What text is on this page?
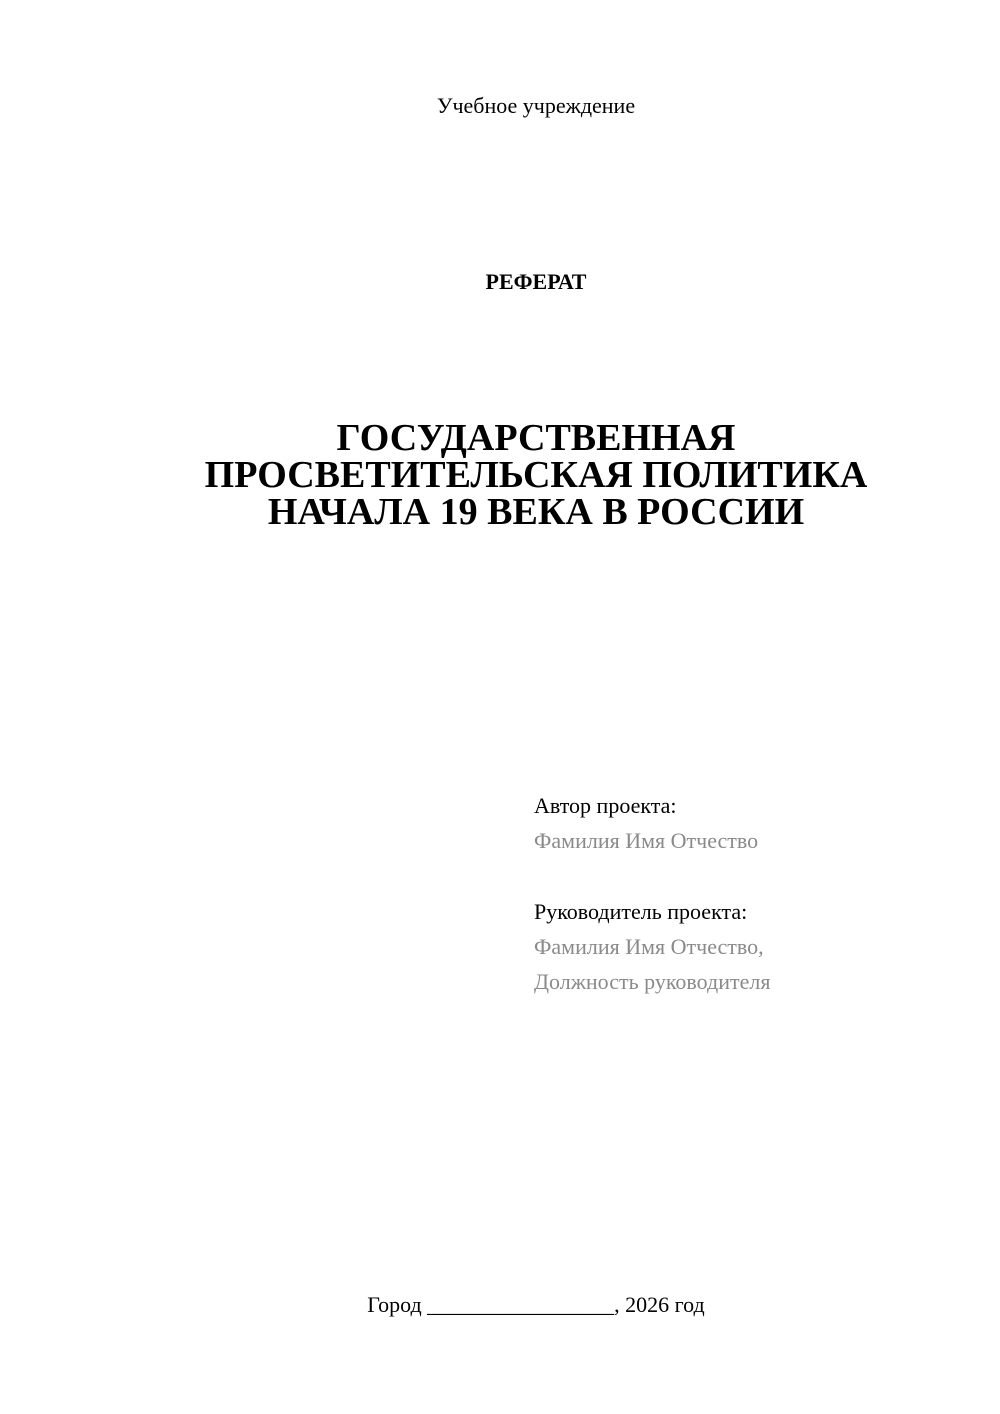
Учебное учреждение
РЕФЕРАТ
ГОСУДАРСТВЕННАЯ
ПРОСВЕТИТЕЛЬСКАЯ ПОЛИТИКА
НАЧАЛА 19 ВЕКА В РОССИИ
Автор проекта:
Фамилия Имя Отчество
Руководитель проекта:
Фамилия Имя Отчество,
Должность руководителя
Город _________________, 2026 год
